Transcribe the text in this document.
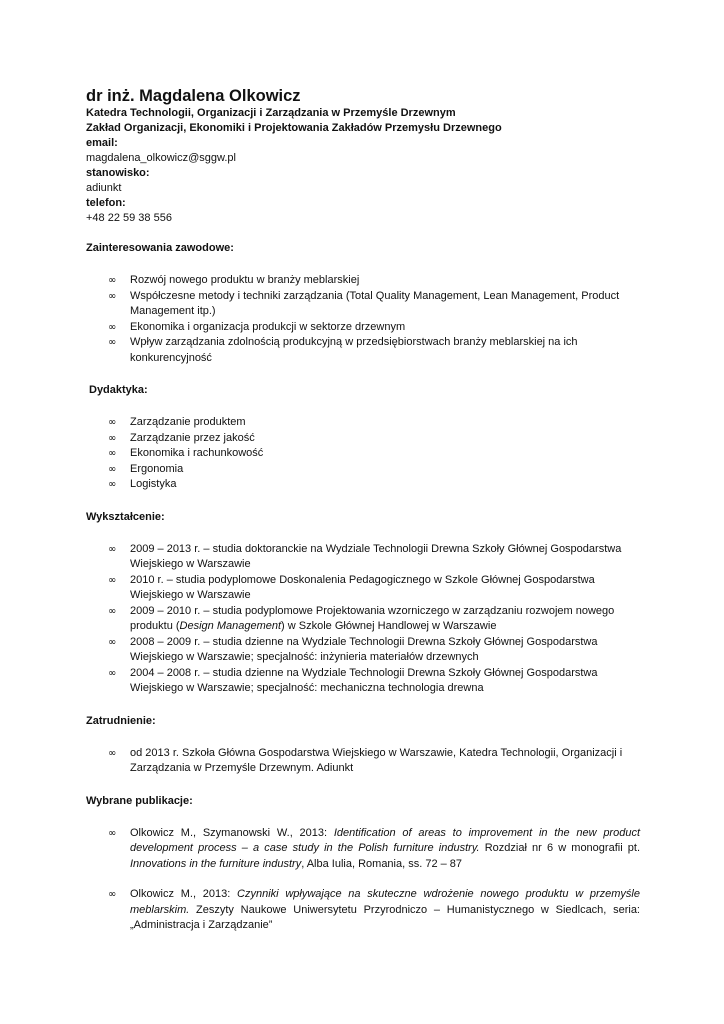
dr inż. Magdalena Olkowicz
Katedra Technologii, Organizacji i Zarządzania w Przemyśle Drzewnym
Zakład Organizacji, Ekonomiki i Projektowania Zakładów Przemysłu Drzewnego
email:
magdalena_olkowicz@sggw.pl
stanowisko:
adiunkt
telefon:
+48 22 59 38 556
Zainteresowania zawodowe:
∞ Rozwój nowego produktu w branży meblarskiej
∞ Współczesne metody i techniki zarządzania (Total Quality Management, Lean Management, Product Management itp.)
∞ Ekonomika i organizacja produkcji w sektorze drzewnym
∞ Wpływ zarządzania zdolnością produkcyjną w przedsiębiorstwach branży meblarskiej na ich konkurencyjność
Dydaktyka:
∞ Zarządzanie produktem
∞ Zarządzanie przez jakość
∞ Ekonomika i rachunkowość
∞ Ergonomia
∞ Logistyka
Wykształcenie:
∞ 2009 – 2013 r. – studia doktoranckie na Wydziale Technologii Drewna Szkoły Głównej Gospodarstwa Wiejskiego w Warszawie
∞ 2010 r. – studia podyplomowe Doskonalenia Pedagogicznego w Szkole Głównej Gospodarstwa Wiejskiego w Warszawie
∞ 2009 – 2010 r. – studia podyplomowe Projektowania wzorniczego w zarządzaniu rozwojem nowego produktu (Design Management) w Szkole Głównej Handlowej w Warszawie
∞ 2008 – 2009 r. – studia dzienne na Wydziale Technologii Drewna Szkoły Głównej Gospodarstwa Wiejskiego w Warszawie; specjalność: inżynieria materiałów drzewnych
∞ 2004 – 2008 r. – studia dzienne na Wydziale Technologii Drewna Szkoły Głównej Gospodarstwa Wiejskiego w Warszawie; specjalność: mechaniczna technologia drewna
Zatrudnienie:
∞ od 2013 r. Szkoła Główna Gospodarstwa Wiejskiego w Warszawie, Katedra Technologii, Organizacji i Zarządzania w Przemyśle Drzewnym. Adiunkt
Wybrane publikacje:
∞ Olkowicz M., Szymanowski W., 2013: Identification of areas to improvement in the new product development process – a case study in the Polish furniture industry. Rozdział nr 6 w monografii pt. Innovations in the furniture industry, Alba Iulia, Romania, ss. 72 – 87
∞ Olkowicz M., 2013: Czynniki wpływające na skuteczne wdrożenie nowego produktu w przemyśle meblarskim. Zeszyty Naukowe Uniwersytetu Przyrodniczo – Humanistycznego w Siedlcach, seria: „Administracja i Zarządzanie”
